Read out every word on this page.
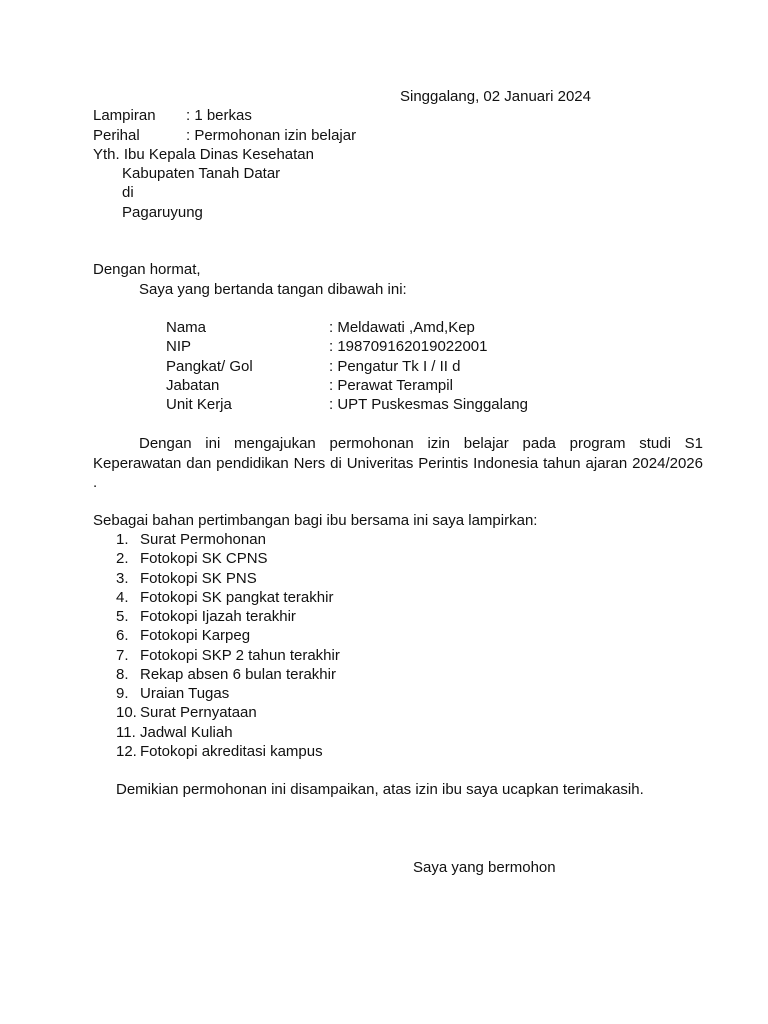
Singgalang, 02 Januari 2024
Lampiran : 1 berkas
Perihal	: Permohonan izin belajar
Yth. Ibu Kepala Dinas Kesehatan
Kabupaten Tanah Datar
di
Pagaruyung
Dengan hormat,
Saya yang bertanda tangan dibawah ini:
Nama	: Meldawati ,Amd,Kep
NIP	: 198709162019022001
Pangkat/ Gol	: Pengatur Tk I / II d
Jabatan	: Perawat Terampil
Unit Kerja	: UPT Puskesmas Singgalang
Dengan ini mengajukan permohonan izin belajar pada program studi S1 Keperawatan dan pendidikan Ners di Univeritas Perintis Indonesia tahun ajaran 2024/2026 .
Sebagai bahan pertimbangan bagi ibu bersama ini saya lampirkan:
1. Surat Permohonan
2. Fotokopi SK CPNS
3. Fotokopi SK PNS
4. Fotokopi SK pangkat terakhir
5. Fotokopi Ijazah terakhir
6. Fotokopi Karpeg
7. Fotokopi SKP 2 tahun terakhir
8. Rekap absen 6 bulan terakhir
9. Uraian Tugas
10. Surat Pernyataan
11. Jadwal Kuliah
12. Fotokopi akreditasi kampus
Demikian permohonan ini disampaikan, atas izin ibu saya ucapkan terimakasih.
Saya yang bermohon
